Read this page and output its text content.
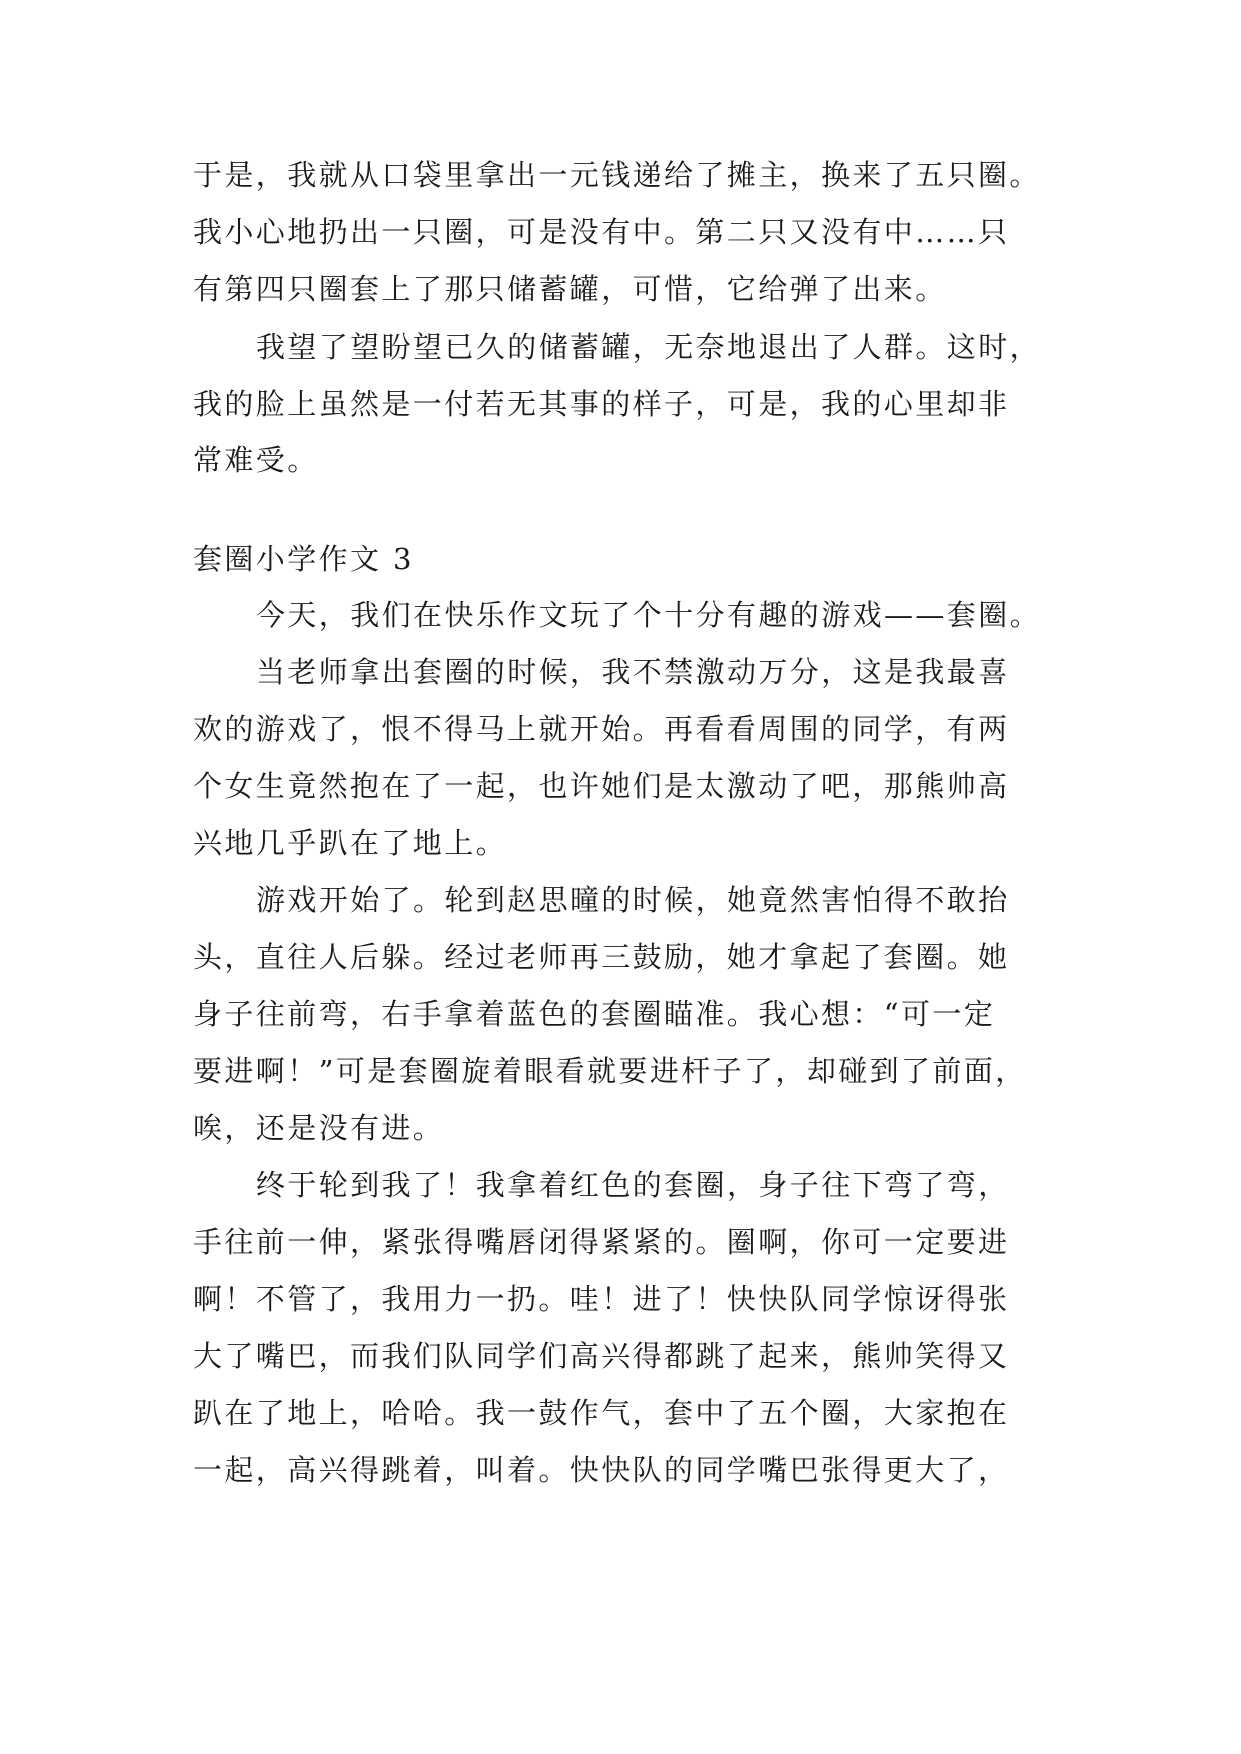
于是，我就从口袋里拿出一元钱递给了摊主，换来了五只圈。
我小心地扔出一只圈，可是没有中。第二只又没有中……只
有第四只圈套上了那只储蓄罐，可惜，它给弹了出来。
我望了望盼望已久的储蓄罐，无奈地退出了人群。这时，
我的脸上虽然是一付若无其事的样子，可是，我的心里却非
常难受。
套圈小学作文 3
今天，我们在快乐作文玩了个十分有趣的游戏——套圈。
当老师拿出套圈的时候，我不禁激动万分，这是我最喜
欢的游戏了，恨不得马上就开始。再看看周围的同学，有两
个女生竟然抱在了一起，也许她们是太激动了吧，那熊帅高
兴地几乎趴在了地上。
游戏开始了。轮到赵思曈的时候，她竟然害怕得不敢抬
头，直往人后躲。经过老师再三鼓励，她才拿起了套圈。她
身子往前弯，右手拿着蓝色的套圈瞄准。我心想：“可一定
要进啊！”可是套圈旋着眼看就要进杆子了，却碰到了前面，
唉，还是没有进。
终于轮到我了！我拿着红色的套圈，身子往下弯了弯，
手往前一伸，紧张得嘴唇闭得紧紧的。圈啊，你可一定要进
啊！不管了，我用力一扔。哇！进了！快快队同学惊讶得张
大了嘴巴，而我们队同学们高兴得都跳了起来，熊帅笑得又
趴在了地上，哈哈。我一鼓作气，套中了五个圈，大家抱在
一起，高兴得跳着，叫着。快快队的同学嘴巴张得更大了，
